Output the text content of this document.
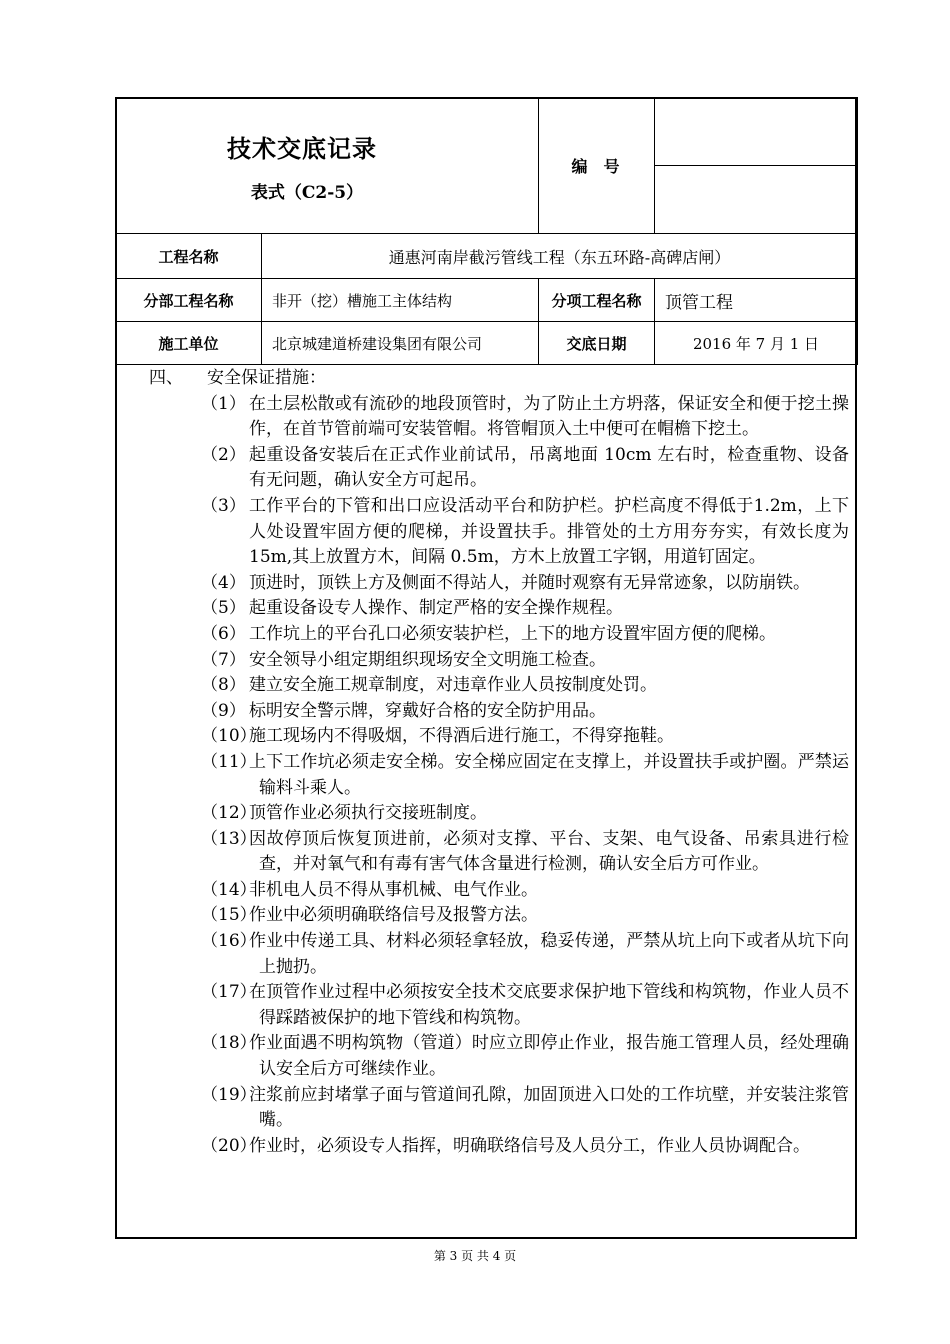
技术交底记录
表式（C2-5）
	编　号	

工程名称	通惠河南岸截污管线工程（东五环路-高碑店闸）
分部工程名称	非开（挖）槽施工主体结构	分项工程名称	顶管工程
施工单位	北京城建道桥建设集团有限公司	交底日期	2016 年 7 月 1 日
四、 安全保证措施：
（1） 在土层松散或有流砂的地段顶管时，为了防止土方坍落，保证安全和便于挖土操作，在首节管前端可安装管帽。将管帽顶入土中便可在帽檐下挖土。
（2） 起重设备安装后在正式作业前试吊，吊离地面 10cm 左右时，检查重物、设备有无问题，确认安全方可起吊。
（3） 工作平台的下管和出口应设活动平台和防护栏。护栏高度不得低于1.2m，上下人处设置牢固方便的爬梯，并设置扶手。排管处的土方用夯夯实，有效长度为 15m,其上放置方木，间隔 0.5m，方木上放置工字钢，用道钉固定。
（4） 顶进时，顶铁上方及侧面不得站人，并随时观察有无异常迹象，以防崩铁。
（5） 起重设备设专人操作、制定严格的安全操作规程。
（6） 工作坑上的平台孔口必须安装护栏，上下的地方设置牢固方便的爬梯。
（7） 安全领导小组定期组织现场安全文明施工检查。
（8） 建立安全施工规章制度，对违章作业人员按制度处罚。
（9） 标明安全警示牌，穿戴好合格的安全防护用品。
（10）
施工现场内不得吸烟，不得酒后进行施工，不得穿拖鞋。
（11）
上下工作坑必须走安全梯。安全梯应固定在支撑上，并设置扶手或护圈。严禁运输料斗乘人。
（12）
顶管作业必须执行交接班制度。
（13）
因故停顶后恢复顶进前，必须对支撑、平台、支架、电气设备、吊索具进行检查，并对氧气和有毒有害气体含量进行检测，确认安全后方可作业。
（14）
非机电人员不得从事机械、电气作业。
（15）
作业中必须明确联络信号及报警方法。
（16）
作业中传递工具、材料必须轻拿轻放，稳妥传递，严禁从坑上向下或者从坑下向上抛扔。
（17）
在顶管作业过程中必须按安全技术交底要求保护地下管线和构筑物，作业人员不得踩踏被保护的地下管线和构筑物。
（18）
作业面遇不明构筑物（管道）时应立即停止作业，报告施工管理人员，经处理确认安全后方可继续作业。
（19）
注浆前应封堵掌子面与管道间孔隙，加固顶进入口处的工作坑壁，并安装注浆管嘴。
（20）
作业时，必须设专人指挥，明确联络信号及人员分工，作业人员协调配合。
第 3 页 共 4 页
